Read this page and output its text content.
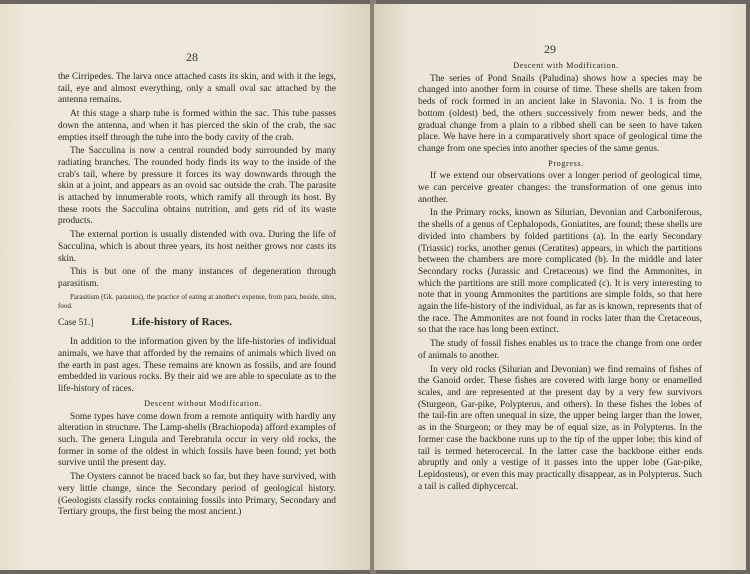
28

the Cirripedes. The larva once attached casts its skin, and with it the legs, tail, eye and almost everything, only a small oval sac attached by the antenna remains.

At this stage a sharp tube is formed within the sac. This tube passes down the antenna, and when it has pierced the skin of the crab, the sac empties itself through the tube into the body cavity of the crab.

The Sacculina is now a central rounded body surrounded by many radiating branches. The rounded body finds its way to the inside of the crab's tail, where by pressure it forces its way downwards through the skin at a joint, and appears as an ovoid sac outside the crab. The parasite is attached by innumerable roots, which ramify all through its host. By these roots the Sacculina obtains nutrition, and gets rid of its waste products.

The external portion is usually distended with ova. During the life of Sacculina, which is about three years, its host neither grows nor casts its skin.

This is but one of the many instances of degeneration through parasitism.

Parasitism (Gk. parasitos), the practice of eating at another's expense, from para, beside, sitos, food.

Case 51.]	Life-history of Races.

In addition to the information given by the life-histories of individual animals, we have that afforded by the remains of animals which lived on the earth in past ages. These remains are known as fossils, and are found embedded in various rocks. By their aid we are able to speculate as to the life-history of races.

Descent without Modification.

Some types have come down from a remote antiquity with hardly any alteration in structure. The Lamp-shells (Brachiopoda) afford examples of such. The genera Lingula and Terebratula occur in very old rocks, the former in some of the oldest in which fossils have been found; yet both survive until the present day.

The Oysters cannot be traced back so far, but they have survived, with very little change, since the Secondary period of geological history. (Geologists classify rocks containing fossils into Primary, Secondary and Tertiary groups, the first being the most ancient.)

29

Descent with Modification.

The series of Pond Snails (Paludina) shows how a species may be changed into another form in course of time. These shells are taken from beds of rock formed in an ancient lake in Slavonia. No. 1 is from the bottom (oldest) bed, the others successively from newer beds, and the gradual change from a plain to a ribbed shell can be seen to have taken place. We have here in a comparatively short space of geological time the change from one species into another species of the same genus.

Progress.

If we extend our observations over a longer period of geological time, we can perceive greater changes: the transformation of one genus into another.

In the Primary rocks, known as Silurian, Devonian and Carboniferous, the shells of a genus of Cephalopods, Goniatites, are found; these shells are divided into chambers by folded partitions (a). In the early Secondary (Triassic) rocks, another genus (Ceratites) appears, in which the partitions between the chambers are more complicated (b). In the middle and later Secondary rocks (Jurassic and Cretaceous) we find the Ammonites, in which the partitions are still more complicated (c). It is very interesting to note that in young Ammonites the partitions are simple folds, so that here again the life-history of the individual, as far as is known, represents that of the race. The Ammonites are not found in rocks later than the Cretaceous, so that the race has long been extinct.

The study of fossil fishes enables us to trace the change from one order of animals to another.

In very old rocks (Silurian and Devonian) we find remains of fishes of the Ganoid order. These fishes are covered with large bony or enamelled scales, and are represented at the present day by a very few survivors (Sturgeon, Gar-pike, Polypterus, and others). In these fishes the lobes of the tail-fin are often unequal in size, the upper being larger than the lower, as in the Sturgeon; or they may be of equal size, as in Polypterus. In the former case the backbone runs up to the tip of the upper lobe; this kind of tail is termed heterocercal. In the latter case the backbone either ends abruptly and only a vestige of it passes into the upper lobe (Gar-pike, Lepidosteus), or even this may practically disappear, as in Polypterus. Such a tail is called diphycercal.
